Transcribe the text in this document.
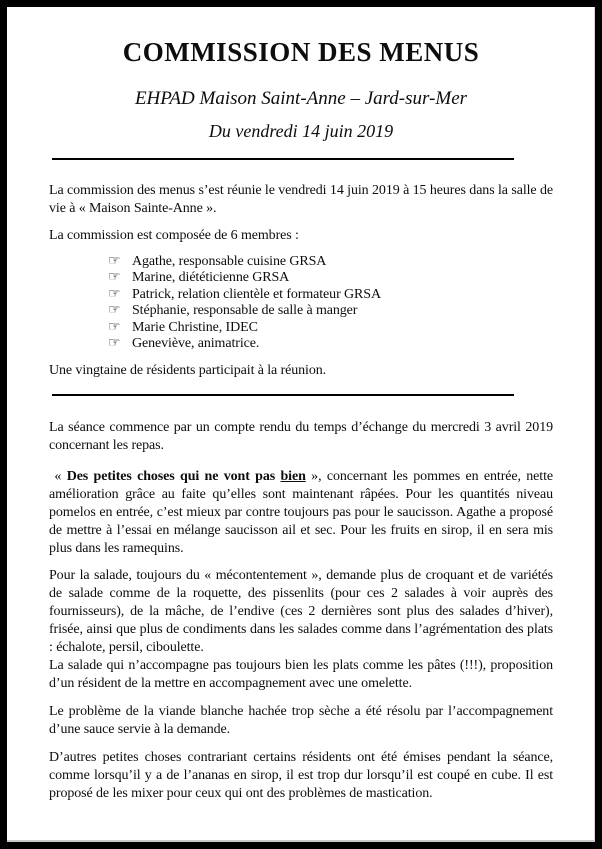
COMMISSION DES MENUS
EHPAD Maison Saint-Anne – Jard-sur-Mer
Du vendredi 14 juin 2019

La commission des menus s’est réunie le vendredi 14 juin 2019 à 15 heures dans la salle de vie à « Maison Sainte-Anne ».

La commission est composée de 6 membres :

☞ Agathe, responsable cuisine GRSA
☞ Marine, diététicienne GRSA
☞ Patrick, relation clientèle et formateur GRSA
☞ Stéphanie, responsable de salle à manger
☞ Marie Christine, IDEC
☞ Geneviève, animatrice.

Une vingtaine de résidents participait à la réunion.

La séance commence par un compte rendu du temps d’échange du mercredi 3 avril 2019 concernant les repas.

« Des petites choses qui ne vont pas bien », concernant les pommes en entrée, nette amélioration grâce au faite qu’elles sont maintenant râpées. Pour les quantités niveau pomelos en entrée, c’est mieux par contre toujours pas pour le saucisson. Agathe a proposé de mettre à l’essai en mélange saucisson ail et sec. Pour les fruits en sirop, il en sera mis plus dans les ramequins.

Pour la salade, toujours du « mécontentement », demande plus de croquant et de variétés de salade comme de la roquette, des pissenlits (pour ces 2 salades à voir auprès des fournisseurs), de la mâche, de l’endive (ces 2 dernières sont plus des salades d’hiver), frisée, ainsi que plus de condiments dans les salades comme dans l’agrémentation des plats : échalote, persil, ciboulette.

La salade qui n’accompagne pas toujours bien les plats comme les pâtes (!!!), proposition d’un résident de la mettre en accompagnement avec une omelette.

Le problème de la viande blanche hachée trop sèche a été résolu par l’accompagnement d’une sauce servie à la demande.

D’autres petites choses contrariant certains résidents ont été émises pendant la séance, comme lorsqu’il y a de l’ananas en sirop, il est trop dur lorsqu’il est coupé en cube. Il est proposé de les mixer pour ceux qui ont des problèmes de mastication.
